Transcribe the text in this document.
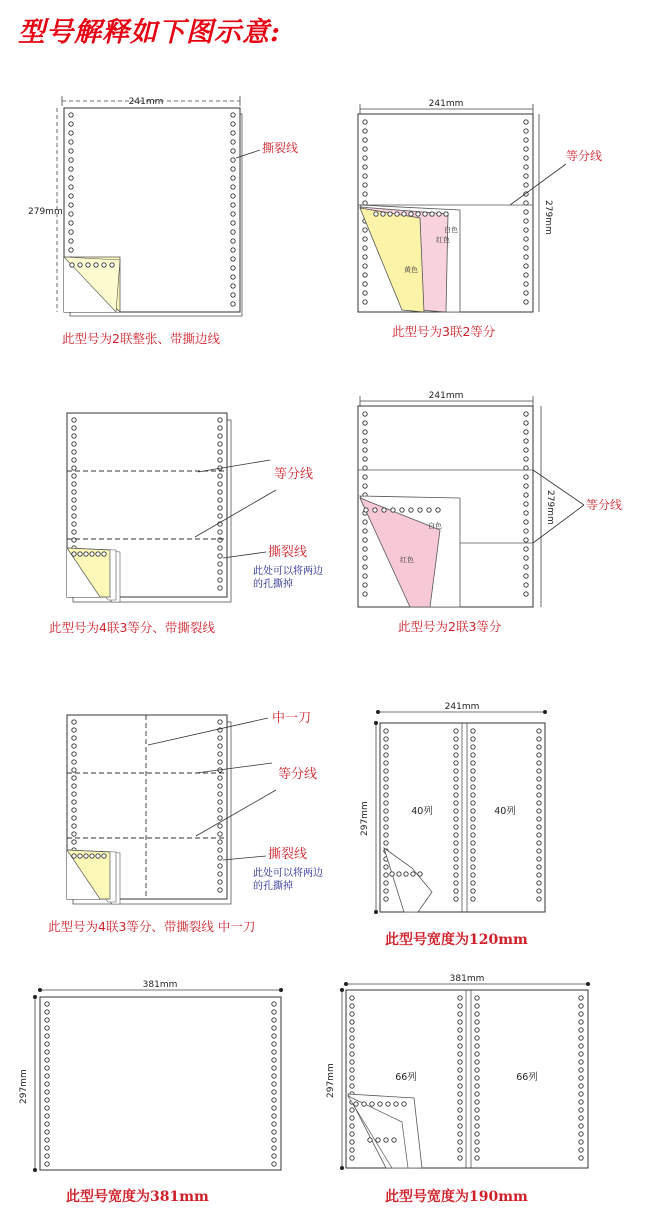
型号解释如下图示意:
241mm
279mm
撕裂线
此型号为2联整张、带撕边线
241mm
279mm
白色
红色
黄色
等分线
此型号为3联2等分
等分线
撕裂线
此处可以将两边
的孔撕掉
此型号为4联3等分、带撕裂线
241mm
279mm
白色
红色
等分线
此型号为2联3等分
中一刀
等分线
撕裂线
此处可以将两边
的孔撕掉
此型号为4联3等分、带撕裂线 中一刀
241mm
297mm	40列	40列
此型号宽度为120mm
381mm
297mm
此型号宽度为381mm
381mm
297mm	66列	66列
此型号宽度为190mm
